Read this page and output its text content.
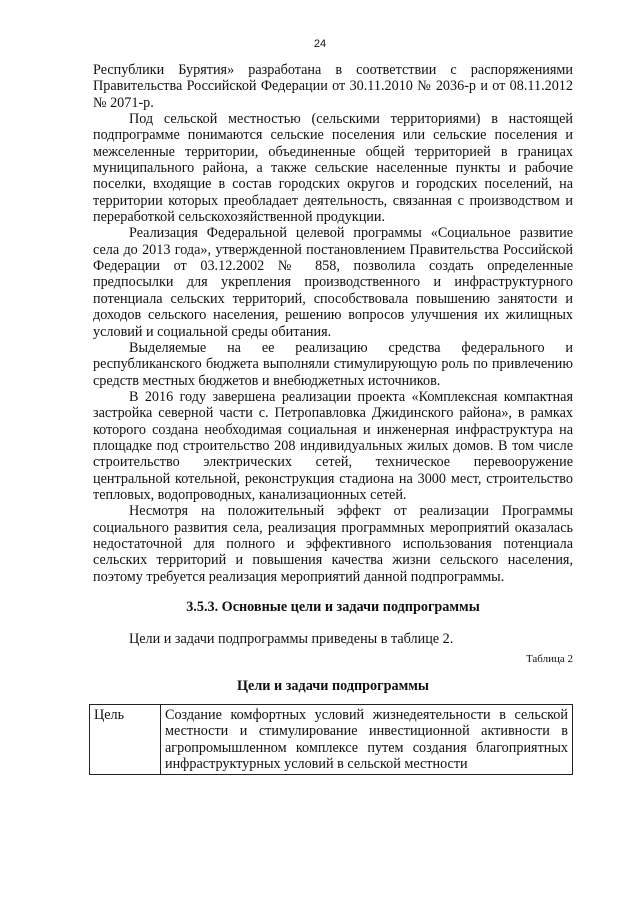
24

Республики Бурятия» разработана в соответствии с распоряжениями Правительства Российской Федерации от 30.11.2010 № 2036-р и от 08.11.2012 № 2071-р.

Под сельской местностью (сельскими территориями) в настоящей подпрограмме понимаются сельские поселения или сельские поселения и межселенные территории, объединенные общей территорией в границах муниципального района, а также сельские населенные пункты и рабочие поселки, входящие в состав городских округов и городских поселений, на территории которых преобладает деятельность, связанная с производством и переработкой сельскохозяйственной продукции.

Реализация Федеральной целевой программы «Социальное развитие села до 2013 года», утвержденной постановлением Правительства Российской Федерации от 03.12.2002 № 858, позволила создать определенные предпосылки для укрепления производственного и инфраструктурного потенциала сельских территорий, способствовала повышению занятости и доходов сельского населения, решению вопросов улучшения их жилищных условий и социальной среды обитания.

Выделяемые на ее реализацию средства федерального и республиканского бюджета выполняли стимулирующую роль по привлечению средств местных бюджетов и внебюджетных источников.

В 2016 году завершена реализации проекта «Комплексная компактная застройка северной части с. Петропавловка Джидинского района», в рамках которого создана необходимая социальная и инженерная инфраструктура на площадке под строительство 208 индивидуальных жилых домов. В том числе строительство электрических сетей, техническое перевооружение центральной котельной, реконструкция стадиона на 3000 мест, строительство тепловых, водопроводных, канализационных сетей.

Несмотря на положительный эффект от реализации Программы социального развития села, реализация программных мероприятий оказалась недостаточной для полного и эффективного использования потенциала сельских территорий и повышения качества жизни сельского населения, поэтому требуется реализация мероприятий данной подпрограммы.

3.5.3. Основные цели и задачи подпрограммы

Цели и задачи подпрограммы приведены в таблице 2.

Таблица 2

Цели и задачи подпрограммы

Цель	Создание комфортных условий жизнедеятельности в сельской местности и стимулирование инвестиционной активности в агропромышленном комплексе путем создания благоприятных инфраструктурных условий в сельской местности
